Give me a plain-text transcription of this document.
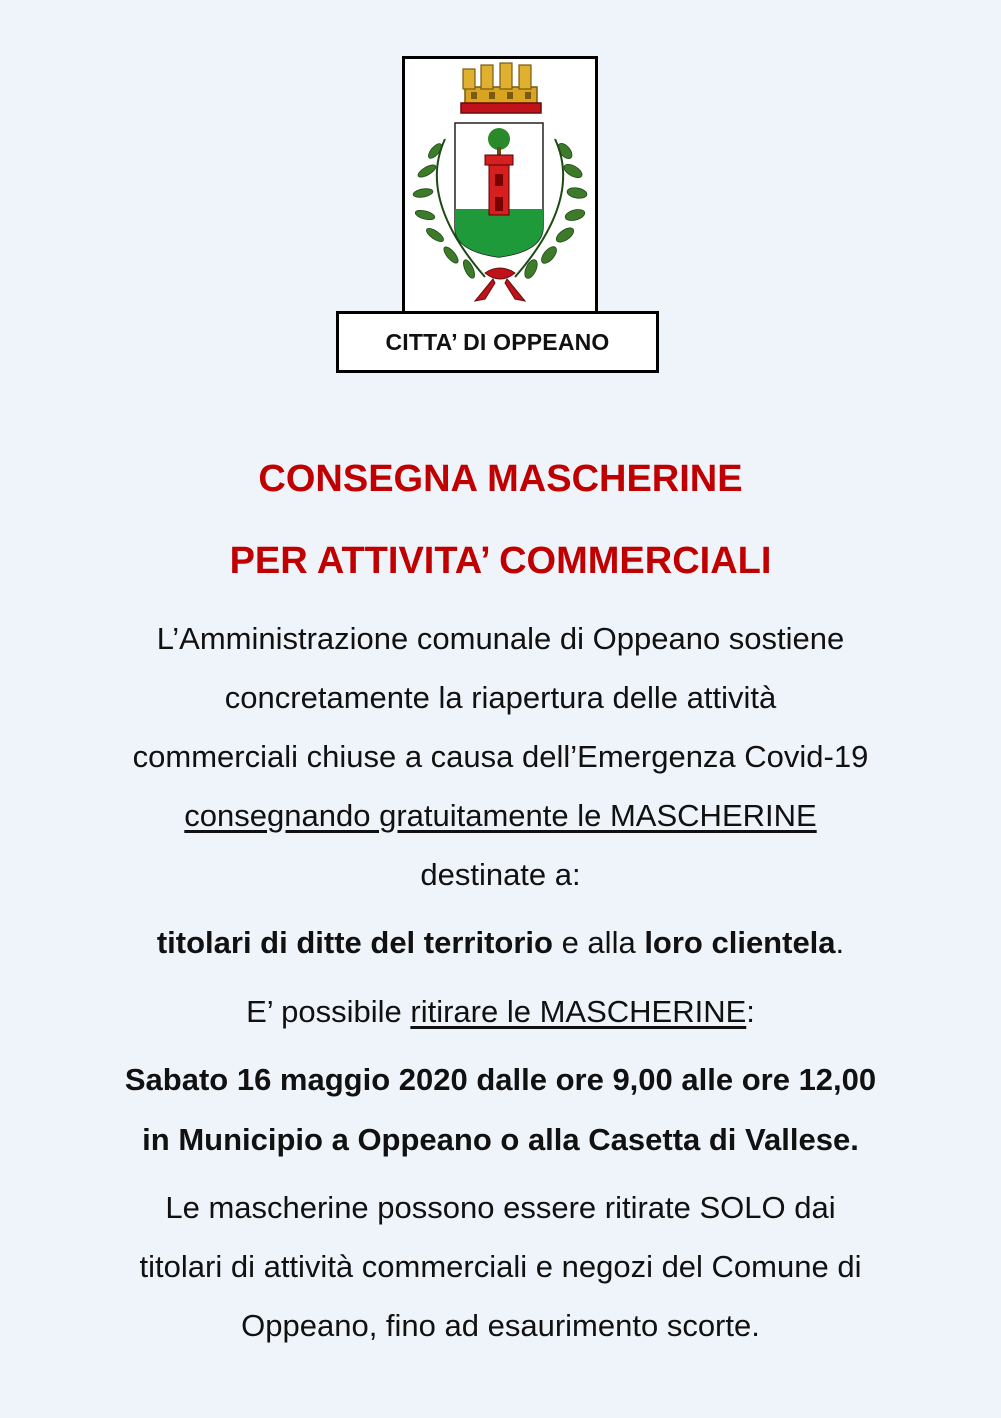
CITTA’ DI OPPEANO
CONSEGNA MASCHERINE
PER ATTIVITA’ COMMERCIALI
L’Amministrazione comunale di Oppeano sostiene
concretamente la riapertura delle attività
commerciali chiuse a causa dell’Emergenza Covid-19
consegnando gratuitamente le MASCHERINE
destinate a:
titolari di ditte del territorio e alla loro clientela.
E’ possibile ritirare le MASCHERINE:
Sabato 16 maggio 2020 dalle ore 9,00 alle ore 12,00
in Municipio a Oppeano o alla Casetta di Vallese.
Le mascherine possono essere ritirate SOLO dai
titolari di attività commerciali e negozi del Comune di
Oppeano, fino ad esaurimento scorte.
